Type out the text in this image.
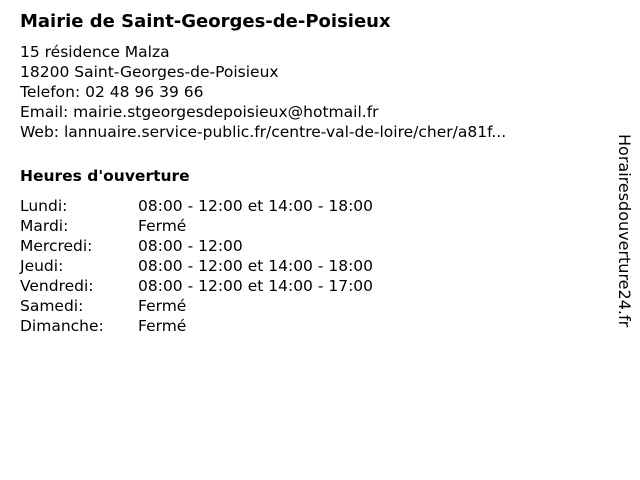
Mairie de Saint-Georges-de-Poisieux
15 résidence Malza
18200 Saint-Georges-de-Poisieux
Telefon: 02 48 96 39 66
Email: mairie.stgeorgesdepoisieux@hotmail.fr
Web: lannuaire.service-public.fr/centre-val-de-loire/cher/a81f...
Heures d'ouverture
Lundi:	08:00 - 12:00 et 14:00 - 18:00
Mardi:	Fermé
Mercredi:	08:00 - 12:00
Jeudi:	08:00 - 12:00 et 14:00 - 18:00
Vendredi:	08:00 - 12:00 et 14:00 - 17:00
Samedi:	Fermé
Dimanche:	Fermé	Horairesdouverture24.fr
